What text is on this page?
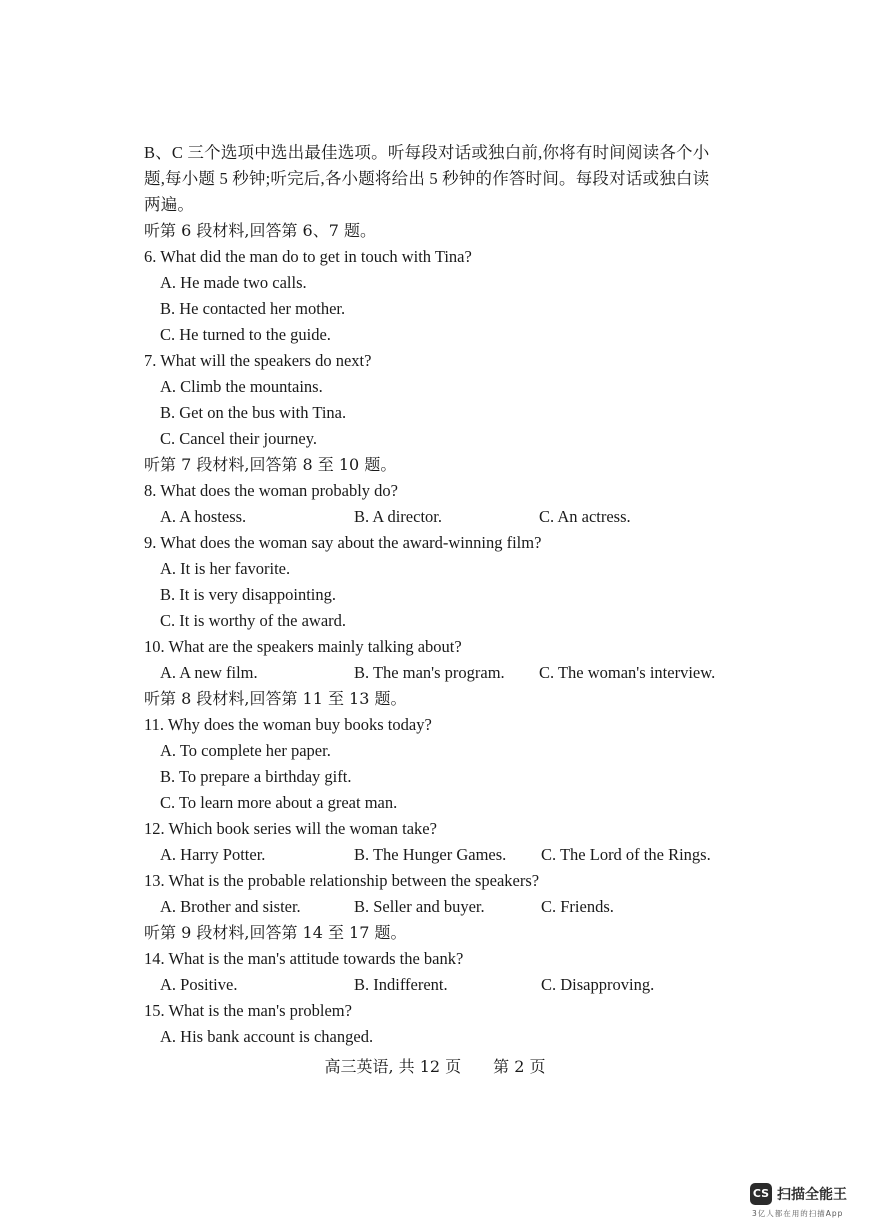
B、C 三个选项中选出最佳选项。听每段对话或独白前,你将有时间阅读各个小
题,每小题 5 秒钟;听完后,各小题将给出 5 秒钟的作答时间。每段对话或独白读
两遍。
听第 6 段材料,回答第 6、7 题。
6. What did the man do to get in touch with Tina?
A. He made two calls.
B. He contacted her mother.
C. He turned to the guide.
7. What will the speakers do next?
A. Climb the mountains.
B. Get on the bus with Tina.
C. Cancel their journey.
听第 7 段材料,回答第 8 至 10 题。
8. What does the woman probably do?
A. A hostess.	B. A director.	C. An actress.
9. What does the woman say about the award-winning film?
A. It is her favorite.
B. It is very disappointing.
C. It is worthy of the award.
10. What are the speakers mainly talking about?
A. A new film.	B. The man's program. C. The woman's interview.
听第 8 段材料,回答第 11 至 13 题。
11. Why does the woman buy books today?
A. To complete her paper.
B. To prepare a birthday gift.
C. To learn more about a great man.
12. Which book series will the woman take?
A. Harry Potter.	B. The Hunger Games. C. The Lord of the Rings.
13. What is the probable relationship between the speakers?
A. Brother and sister.	B. Seller and buyer.	C. Friends.
听第 9 段材料,回答第 14 至 17 题。
14. What is the man's attitude towards the bank?
A. Positive.	B. Indifferent.	C. Disapproving.
15. What is the man's problem?
A. His bank account is changed.
高三英语, 共 12 页 第 2 页
CS 扫描全能王
3亿人都在用的扫描App
